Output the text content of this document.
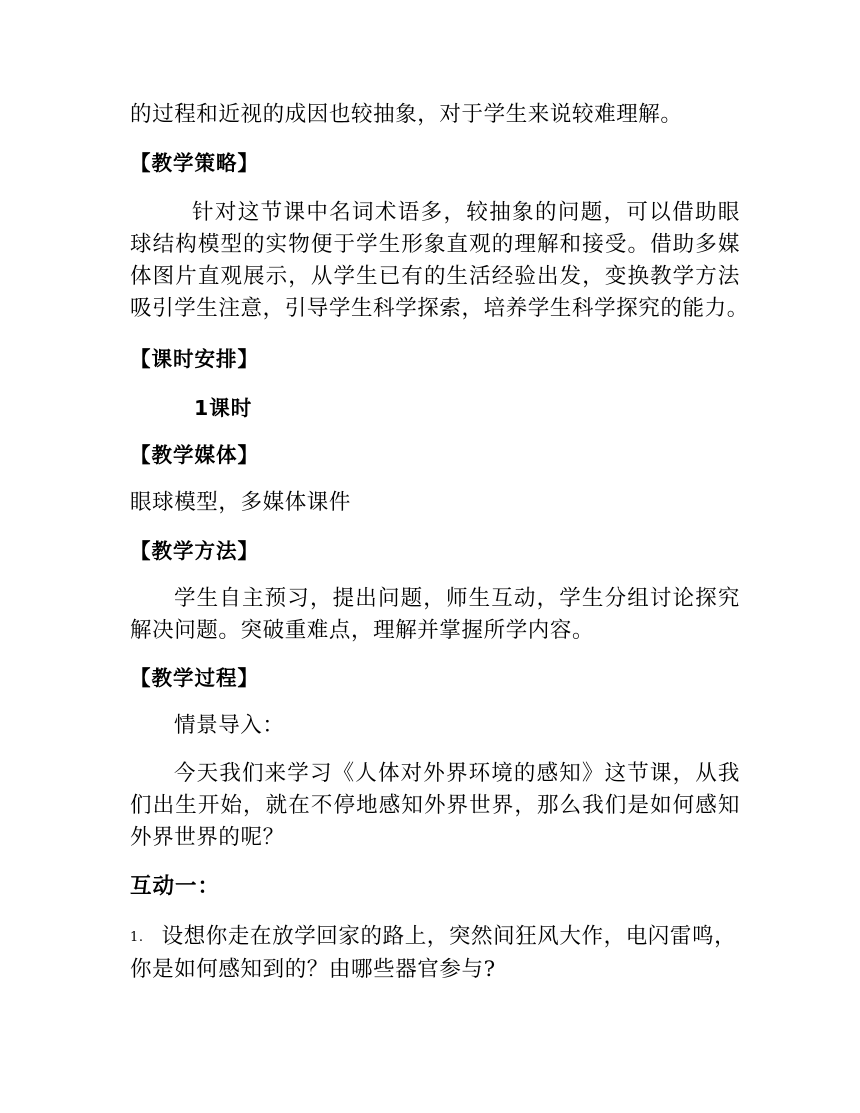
的过程和近视的成因也较抽象，对于学生来说较难理解。
【教学策略】
针对这节课中名词术语多，较抽象的问题，可以借助眼
球结构模型的实物便于学生形象直观的理解和接受。借助多媒
体图片直观展示，从学生已有的生活经验出发，变换教学方法
吸引学生注意，引导学生科学探索，培养学生科学探究的能力。
【课时安排】
1课时
【教学媒体】
眼球模型，多媒体课件
【教学方法】
学生自主预习，提出问题，师生互动，学生分组讨论探究
解决问题。突破重难点，理解并掌握所学内容。
【教学过程】
情景导入：
今天我们来学习《人体对外界环境的感知》这节课，从我
们出生开始，就在不停地感知外界世界，那么我们是如何感知
外界世界的呢？
互动一：
1. 设想你走在放学回家的路上，突然间狂风大作，电闪雷鸣，
你是如何感知到的？由哪些器官参与?
